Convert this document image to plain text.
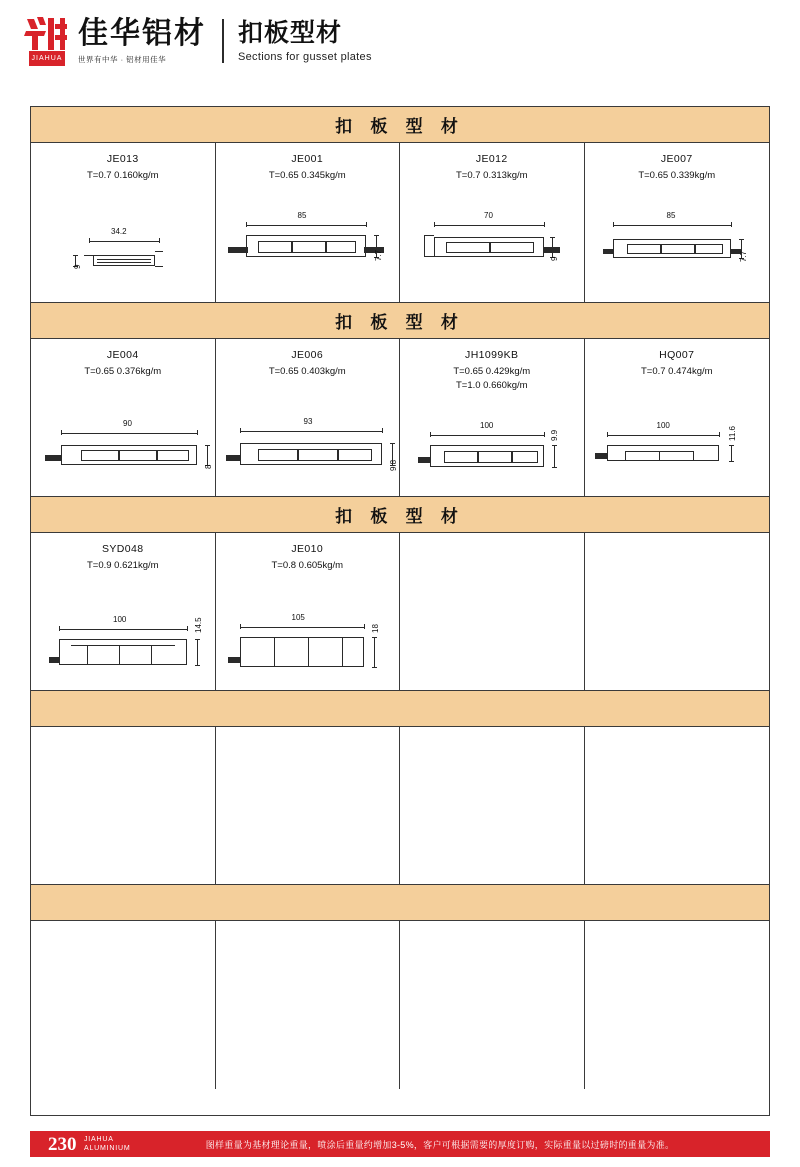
JIAHUA
佳华铝材
世界有中华 · 铝材用佳华
扣板型材
Sections for gusset plates
扣 板 型 材
JE013
T=0.7 0.160kg/m
34.2
9
JE001
T=0.65 0.345kg/m
85
7.7
JE012
T=0.7 0.313kg/m
70
9
JE007
T=0.65 0.339kg/m
85
7.7
扣 板 型 材
JE004
T=0.65 0.376kg/m
90
8
JE006
T=0.65 0.403kg/m
93
9.8
JH1099KB
T=0.65 0.429kg/m
T=1.0 0.660kg/m
100
9.9
HQ007
T=0.7 0.474kg/m
100
11.6
扣 板 型 材
SYD048
T=0.9 0.621kg/m
100	14.5
JE010
T=0.8 0.605kg/m
105
18
图样重量为基材理论重量，喷涂后重量约增加3-5%，客户可根据需要的厚度订购，实际重量以过磅时的重量为准。
230 JIAHUA
ALUMINIUM
